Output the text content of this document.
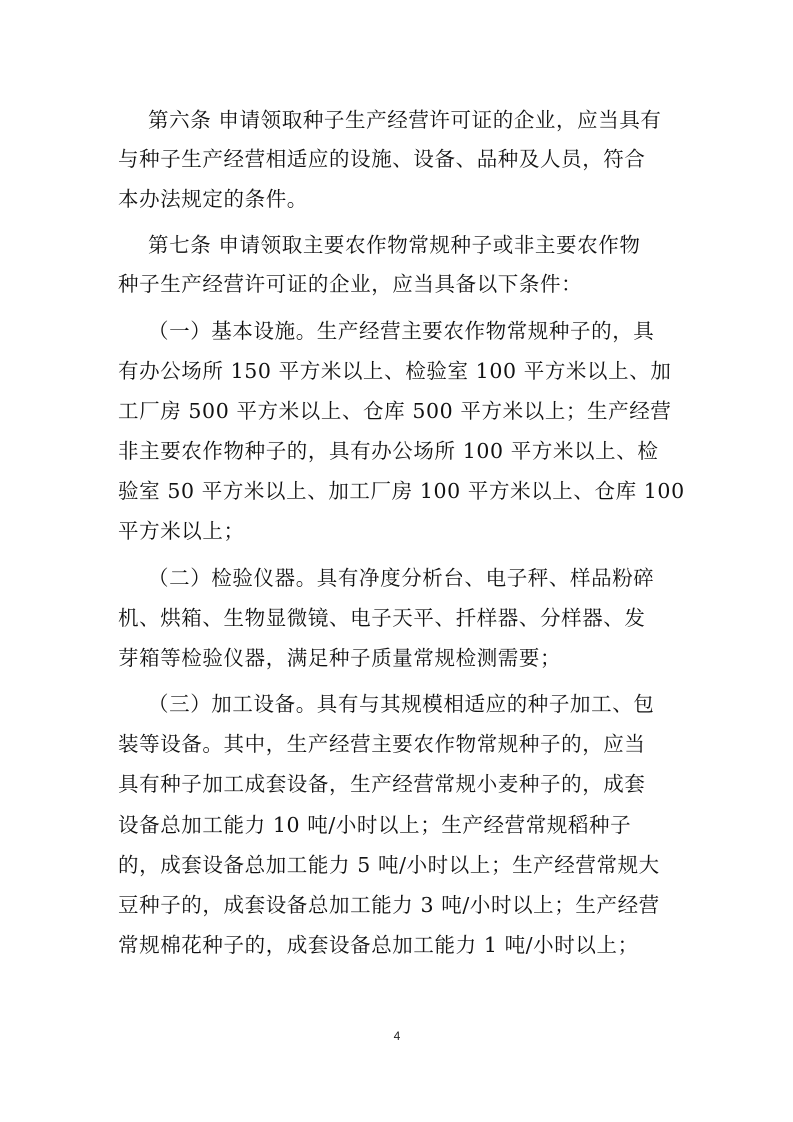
第六条 申请领取种子生产经营许可证的企业，应当具有
与种子生产经营相适应的设施、设备、品种及人员，符合
本办法规定的条件。
第七条 申请领取主要农作物常规种子或非主要农作物
种子生产经营许可证的企业，应当具备以下条件：
（一）基本设施。生产经营主要农作物常规种子的，具
有办公场所 150 平方米以上、检验室 100 平方米以上、加
工厂房 500 平方米以上、仓库 500 平方米以上；生产经营
非主要农作物种子的，具有办公场所 100 平方米以上、检
验室 50 平方米以上、加工厂房 100 平方米以上、仓库 100
平方米以上；
（二）检验仪器。具有净度分析台、电子秤、样品粉碎
机、烘箱、生物显微镜、电子天平、扦样器、分样器、发
芽箱等检验仪器，满足种子质量常规检测需要；
（三）加工设备。具有与其规模相适应的种子加工、包
装等设备。其中，生产经营主要农作物常规种子的，应当
具有种子加工成套设备，生产经营常规小麦种子的，成套
设备总加工能力 10 吨/小时以上；生产经营常规稻种子
的，成套设备总加工能力 5 吨/小时以上；生产经营常规大
豆种子的，成套设备总加工能力 3 吨/小时以上；生产经营
常规棉花种子的，成套设备总加工能力 1 吨/小时以上；
4
